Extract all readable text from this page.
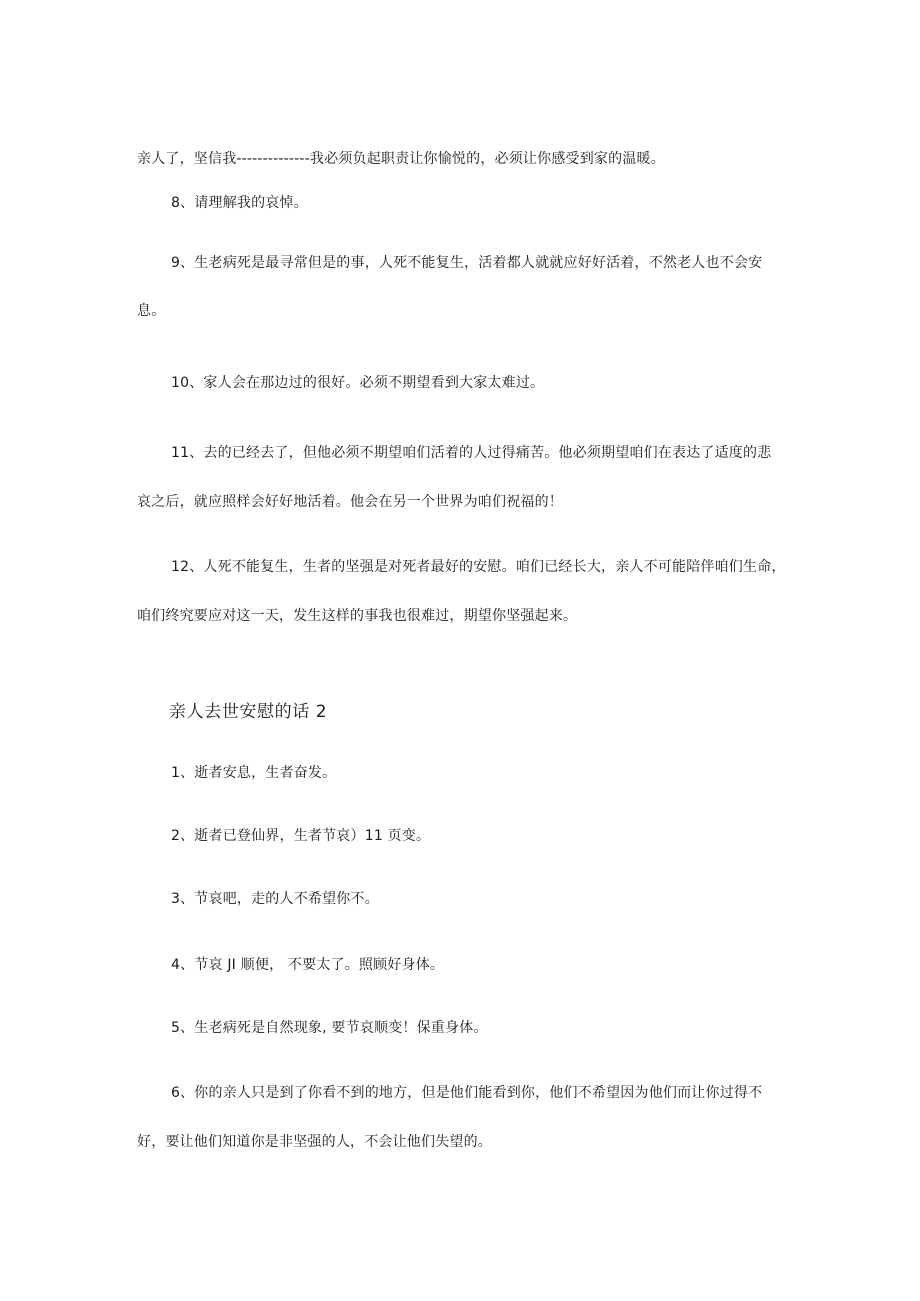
亲人了，坚信我--------------我必须负起职责让你愉悦的，必须让你感受到家的温暖。
8、请理解我的哀悼。
9、生老病死是最寻常但是的事，人死不能复生，活着都人就就应好好活着，不然老人也不会安
息。
10、家人会在那边过的很好。必须不期望看到大家太难过。
11、去的已经去了，但他必须不期望咱们活着的人过得痛苦。他必须期望咱们在表达了适度的悲
哀之后，就应照样会好好地活着。他会在另一个世界为咱们祝福的！
12、人死不能复生，生者的坚强是对死者最好的安慰。咱们已经长大，亲人不可能陪伴咱们生命，
咱们终究要应对这一天，发生这样的事我也很难过，期望你坚强起来。
亲人去世安慰的话 2
1、逝者安息，生者奋发。
2、逝者已登仙界，生者节哀）11 页变。
3、节哀吧，走的人不希望你不。
4、节哀 JI 顺便， 不要太了。照顾好身体。
5、生老病死是自然现象, 要节哀顺变！保重身体。
6、你的亲人只是到了你看不到的地方，但是他们能看到你，他们不希望因为他们而让你过得不
好，要让他们知道你是非坚强的人，不会让他们失望的。
